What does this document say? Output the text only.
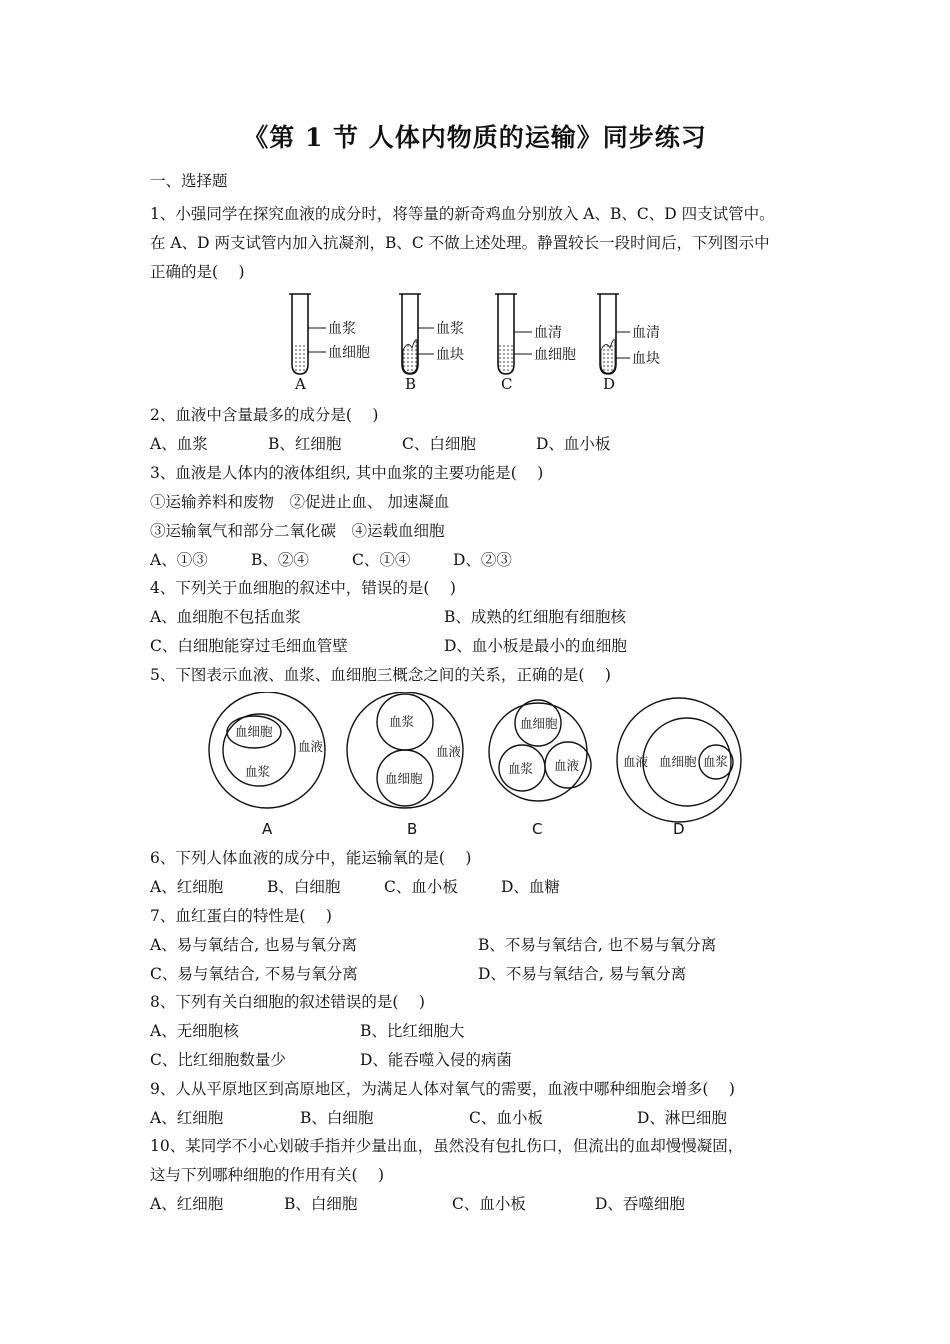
《第 1 节 人体内物质的运输》同步练习
一、选择题
1、小强同学在探究血液的成分时，将等量的新奇鸡血分别放入 A、B、C、D 四支试管中。
在 A、D 两支试管内加入抗凝剂，B、C 不做上述处理。静置较长一段时间后，下列图示中
正确的是(　 )
血浆
血细胞
A
血浆
血块
B
血清
血细胞
C
血清
血块
D
2、血液中含量最多的成分是(　 )
A、血浆	B、红细胞	C、白细胞	D、血小板
3、血液是人体内的液体组织, 其中血浆的主要功能是(　 )
①运输养料和废物　②促进止血、 加速凝血
③运输氧气和部分二氧化碳　④运载血细胞
A、①③	B、②④	C、①④	D、②③
4、下列关于血细胞的叙述中，错误的是(　 )
A、血细胞不包括血浆	B、成熟的红细胞有细胞核
C、白细胞能穿过毛细血管壁	D、血小板是最小的血细胞
5、下图表示血液、血浆、血细胞三概念之间的关系，正确的是(　 )
血细胞
血浆
血液
血浆
血细胞
血液
血细胞
血浆 血液	血液 血细胞 血浆
A	B	C	D
6、下列人体血液的成分中，能运输氧的是(　 )
A、红细胞	B、白细胞	C、血小板	D、血糖
7、血红蛋白的特性是(　 )
A、易与氧结合, 也易与氧分离	B、不易与氧结合, 也不易与氧分离
C、易与氧结合, 不易与氧分离	D、不易与氧结合, 易与氧分离
8、下列有关白细胞的叙述错误的是(　 )
A、无细胞核	B、比红细胞大
C、比红细胞数量少	D、能吞噬入侵的病菌
9、人从平原地区到高原地区，为满足人体对氧气的需要，血液中哪种细胞会增多(　 )
A、红细胞	B、白细胞	C、血小板	D、淋巴细胞
10、某同学不小心划破手指并少量出血，虽然没有包扎伤口，但流出的血却慢慢凝固，
这与下列哪种细胞的作用有关(　 )
A、红细胞	B、白细胞	C、血小板	D、吞噬细胞
